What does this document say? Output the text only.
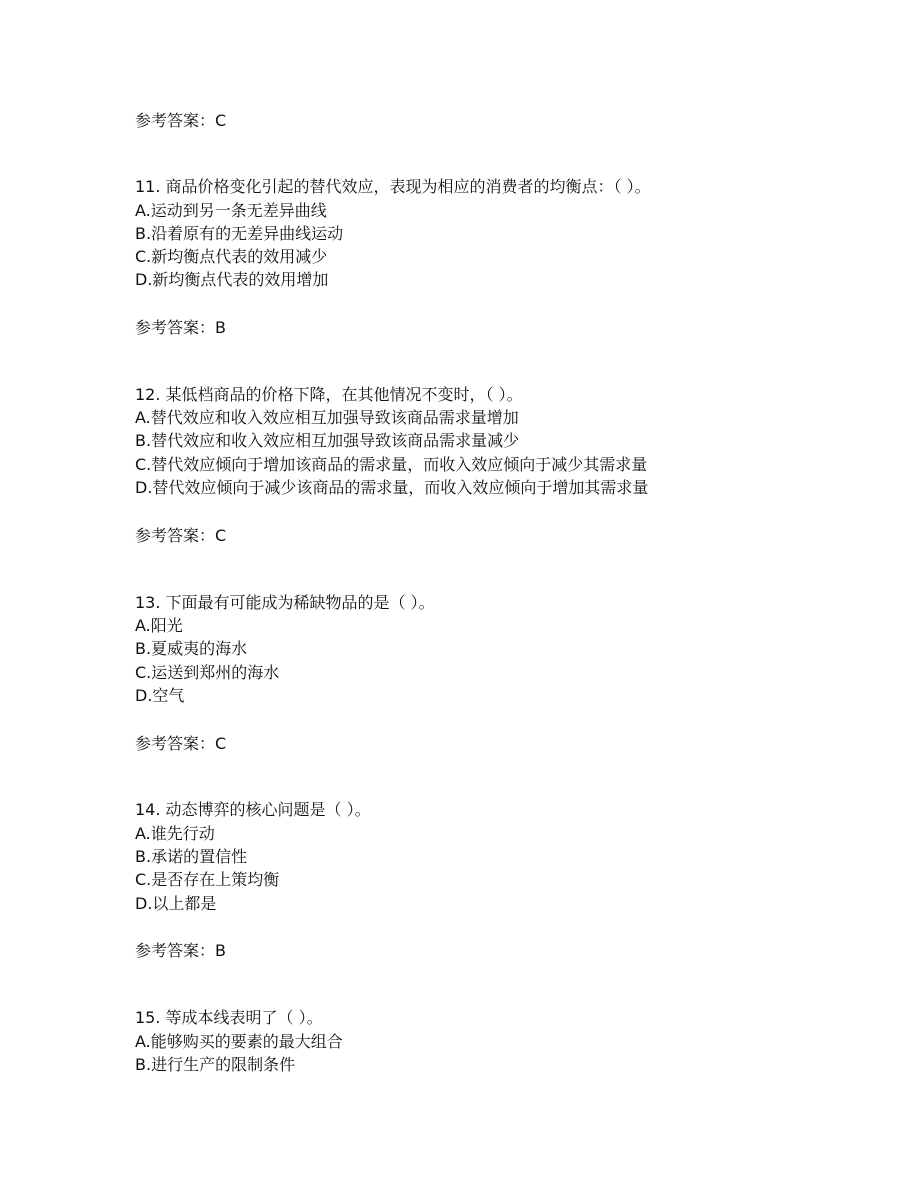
参考答案：C
11. 商品价格变化引起的替代效应，表现为相应的消费者的均衡点：（ ）。
A.运动到另一条无差异曲线
B.沿着原有的无差异曲线运动
C.新均衡点代表的效用减少
D.新均衡点代表的效用增加
参考答案：B
12. 某低档商品的价格下降，在其他情况不变时，（ ）。
A.替代效应和收入效应相互加强导致该商品需求量增加
B.替代效应和收入效应相互加强导致该商品需求量减少
C.替代效应倾向于增加该商品的需求量，而收入效应倾向于减少其需求量
D.替代效应倾向于减少该商品的需求量，而收入效应倾向于增加其需求量
参考答案：C
13. 下面最有可能成为稀缺物品的是（ ）。
A.阳光
B.夏威夷的海水
C.运送到郑州的海水
D.空气
参考答案：C
14. 动态博弈的核心问题是（ ）。
A.谁先行动
B.承诺的置信性
C.是否存在上策均衡
D.以上都是
参考答案：B
15. 等成本线表明了（ ）。
A.能够购买的要素的最大组合
B.进行生产的限制条件
